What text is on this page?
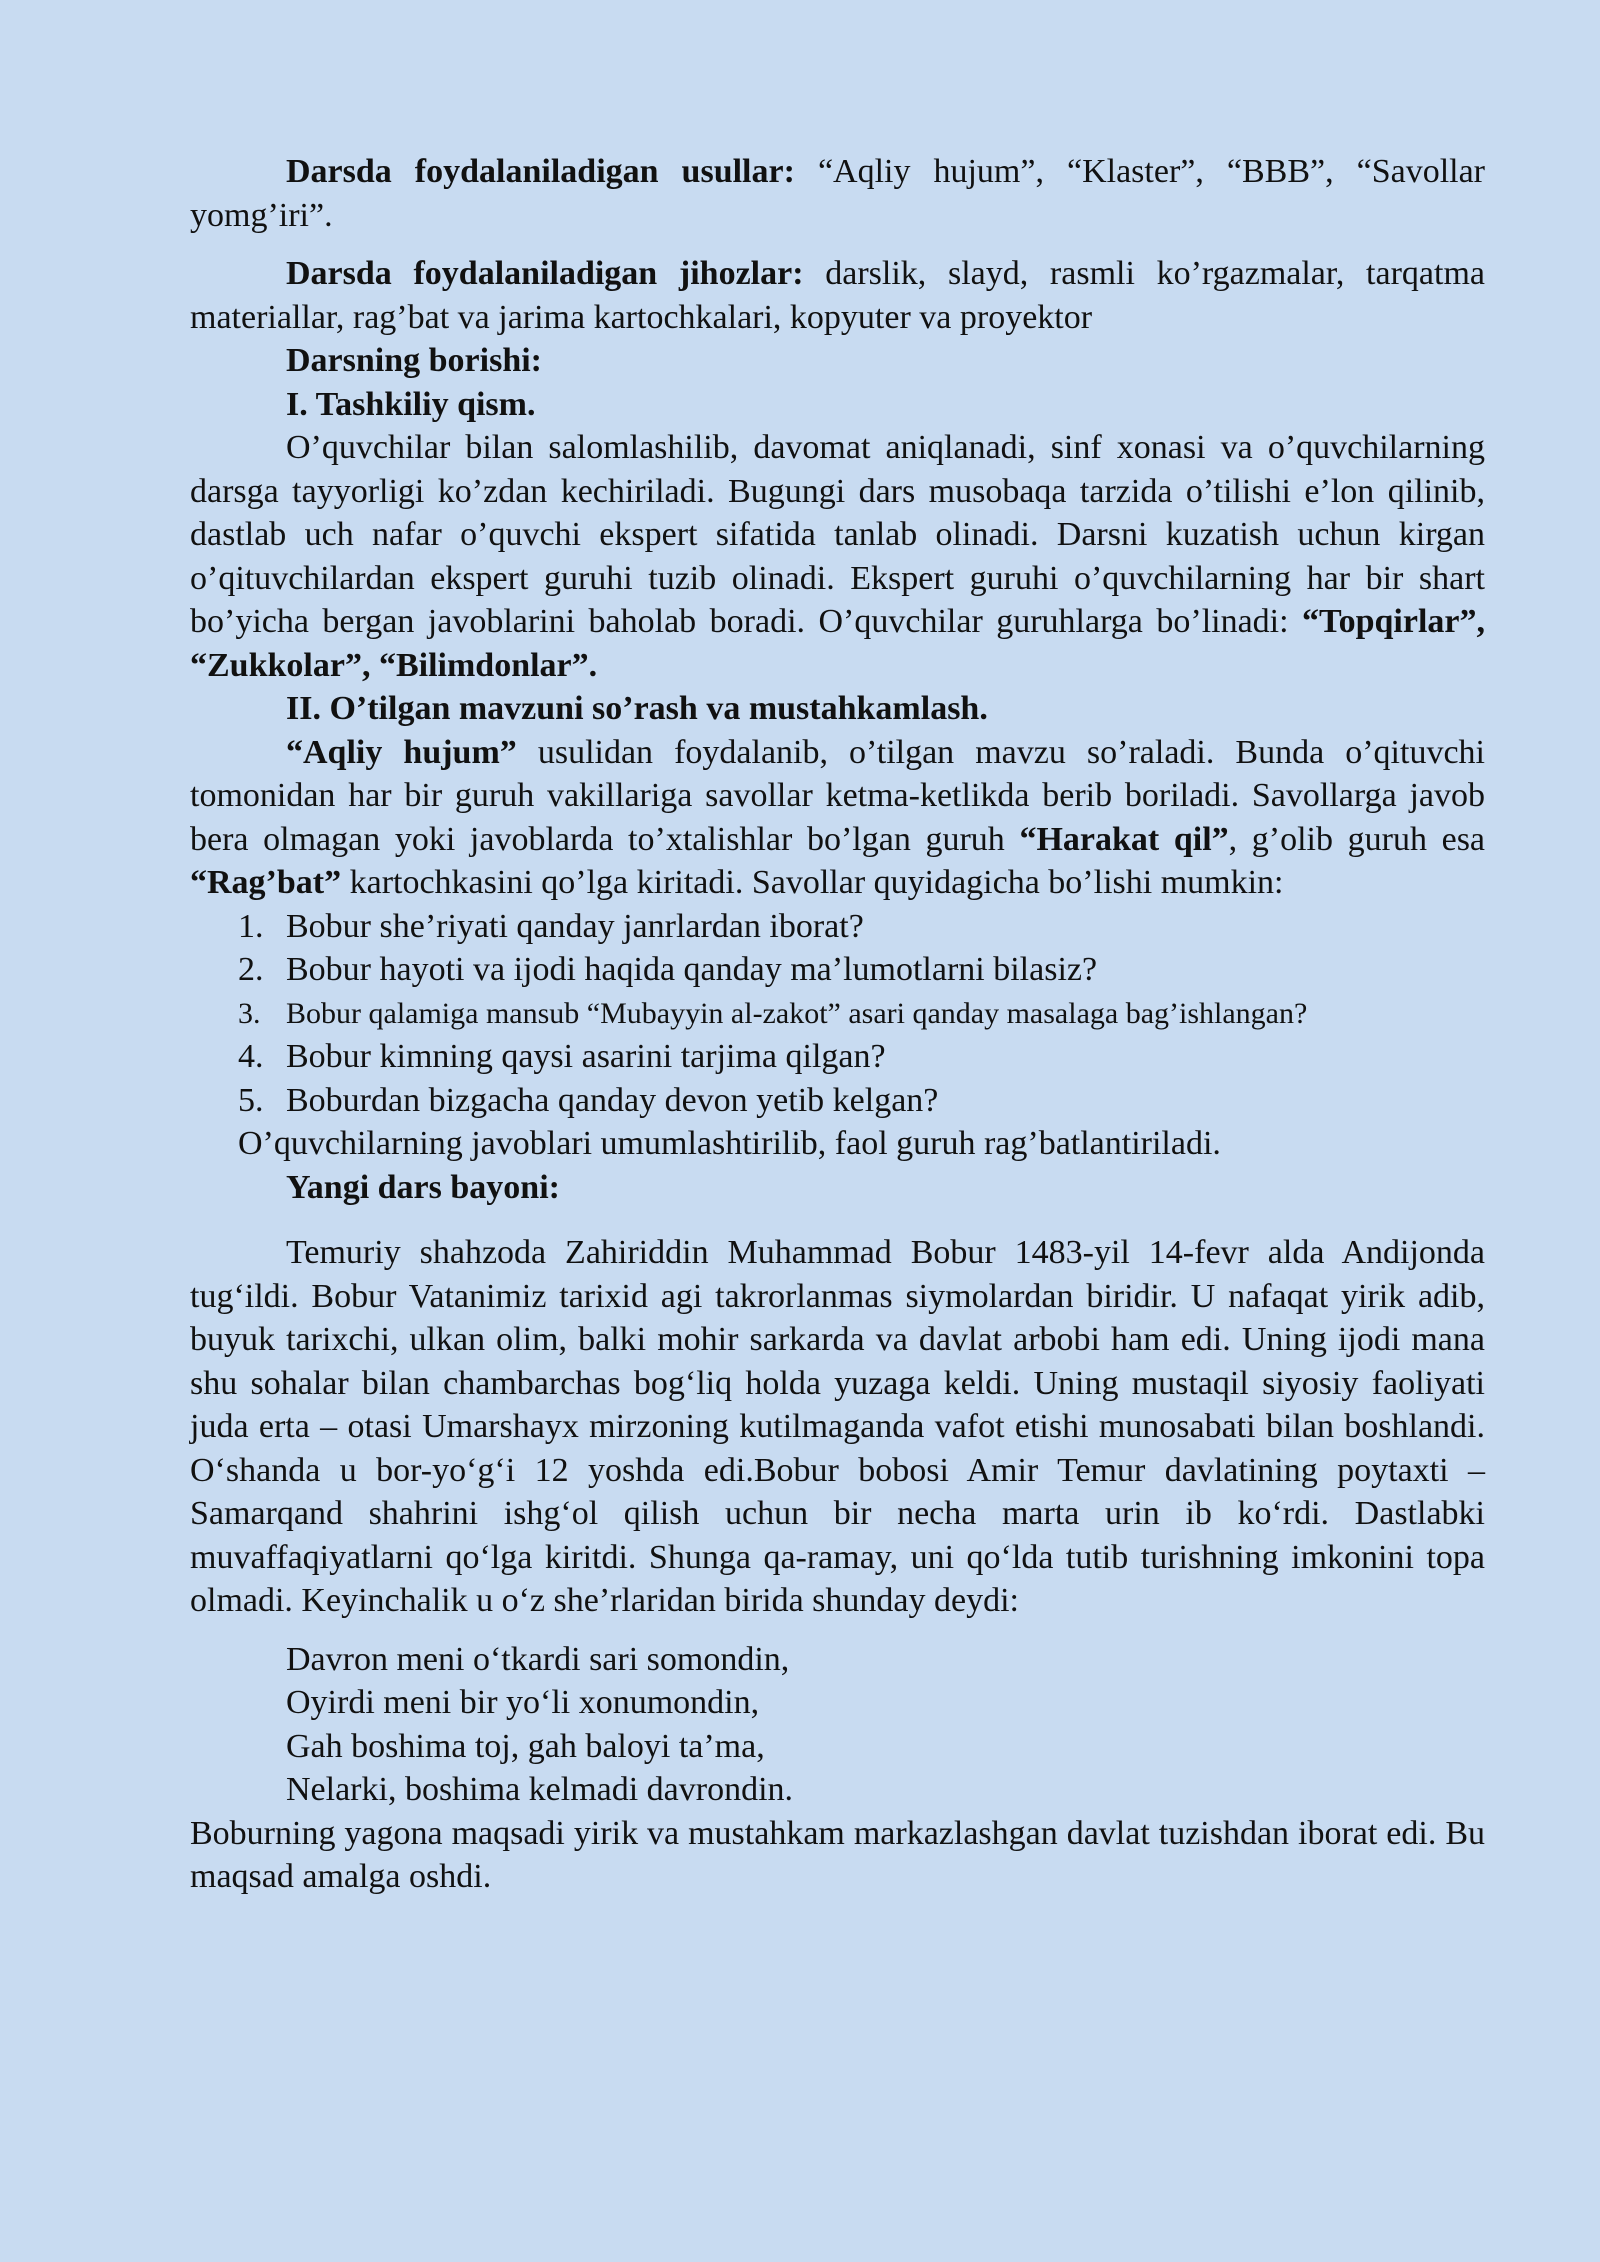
Darsda foydalaniladigan usullar: “Aqliy hujum”, “Klaster”, “BBB”, “Savollar yomg’iri”.

Darsda foydalaniladigan jihozlar: darslik, slayd, rasmli ko’rgazmalar, tarqatma materiallar, rag’bat va jarima kartochkalari, kopyuter va proyektor

Darsning borishi:

I. Tashkiliy qism.

O’quvchilar bilan salomlashilib, davomat aniqlanadi, sinf xonasi va o’quvchilarning darsga tayyorligi ko’zdan kechiriladi. Bugungi dars musobaqa tarzida o’tilishi e’lon qilinib, dastlab uch nafar o’quvchi ekspert sifatida tanlab olinadi. Darsni kuzatish uchun kirgan o’qituvchilardan ekspert guruhi tuzib olinadi. Ekspert guruhi o’quvchilarning har bir shart bo’yicha bergan javoblarini baholab boradi. O’quvchilar guruhlarga bo’linadi: “Topqirlar”, “Zukkolar”, “Bilimdonlar”.

II. O’tilgan mavzuni so’rash va mustahkamlash.

“Aqliy hujum” usulidan foydalanib, o’tilgan mavzu so’raladi. Bunda o’qituvchi tomonidan har bir guruh vakillariga savollar ketma-ketlikda berib boriladi. Savollarga javob bera olmagan yoki javoblarda to’xtalishlar bo’lgan guruh “Harakat qil”, g’olib guruh esa “Rag’bat” kartochkasini qo’lga kiritadi. Savollar quyidagicha bo’lishi mumkin:

1. Bobur she’riyati qanday janrlardan iborat?
2. Bobur hayoti va ijodi haqida qanday ma’lumotlarni bilasiz?
3. Bobur qalamiga mansub “Mubayyin al-zakot” asari qanday masalaga bag’ishlangan?
4. Bobur kimning qaysi asarini tarjima qilgan?
5. Boburdan bizgacha qanday devon yetib kelgan?

O’quvchilarning javoblari umumlashtirilib, faol guruh rag’batlantiriladi.

Yangi dars bayoni:

Temuriy shahzoda Zahiriddin Muhammad Bobur 1483-yil 14-fevr alda Andijonda tug‘ildi. Bobur Vatanimiz tarixid agi takrorlanmas siymolardan biridir. U nafaqat yirik adib, buyuk tarixchi, ulkan olim, balki mohir sarkarda va davlat arbobi ham edi. Uning ijodi mana shu sohalar bilan chambarchas bog‘liq holda yuzaga keldi. Uning mustaqil siyosiy faoliyati juda erta – otasi Umarshayx mirzoning kutilmaganda vafot etishi munosabati bilan boshlandi. O‘shanda u bor-yo‘g‘i 12 yoshda edi.Bobur bobosi Amir Temur davlatining poytaxti – Samarqand shahrini ishg‘ol qilish uchun bir necha marta urin ib ko‘rdi. Dastlabki muvaffaqiyatlarni qo‘lga kiritdi. Shunga qa-ramay, uni qo‘lda tutib turishning imkonini topa olmadi. Keyinchalik u o‘z she’rlaridan birida shunday deydi:

Davron meni o‘tkardi sari somondin,

Oyirdi meni bir yo‘li xonumondin,

Gah boshima toj, gah baloyi ta’ma,

Nelarki, boshima kelmadi davrondin.

Boburning yagona maqsadi yirik va mustahkam markazlashgan davlat tuzishdan iborat edi. Bu maqsad amalga oshdi.
